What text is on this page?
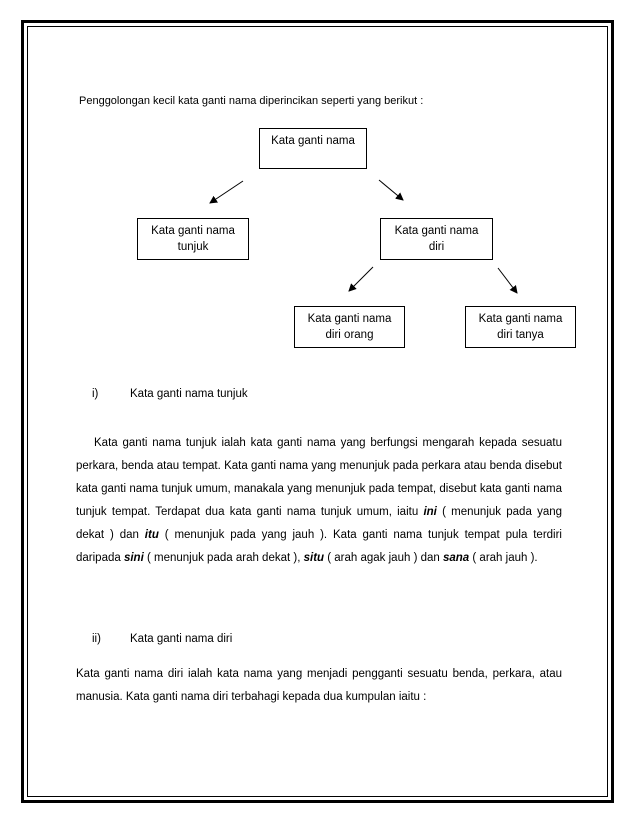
Penggolongan kecil kata ganti nama diperincikan seperti yang berikut :
Kata ganti nama
Kata ganti nama
tunjuk
Kata ganti nama
diri
Kata ganti nama
diri orang
Kata ganti nama
diri tanya
i)	Kata ganti nama tunjuk
Kata ganti nama tunjuk ialah kata ganti nama yang berfungsi mengarah kepada sesuatu perkara, benda atau tempat. Kata ganti nama yang menunjuk pada perkara atau benda disebut kata ganti nama tunjuk umum, manakala yang menunjuk pada tempat, disebut kata ganti nama tunjuk tempat. Terdapat dua kata ganti nama tunjuk umum, iaitu ini ( menunjuk pada yang dekat ) dan itu ( menunjuk pada yang jauh ). Kata ganti nama tunjuk tempat pula terdiri daripada sini ( menunjuk pada arah dekat ), situ ( arah agak jauh ) dan sana ( arah jauh ).
ii)	Kata ganti nama diri
Kata ganti nama diri ialah kata nama yang menjadi pengganti sesuatu benda, perkara, atau manusia. Kata ganti nama diri terbahagi kepada dua kumpulan iaitu :
